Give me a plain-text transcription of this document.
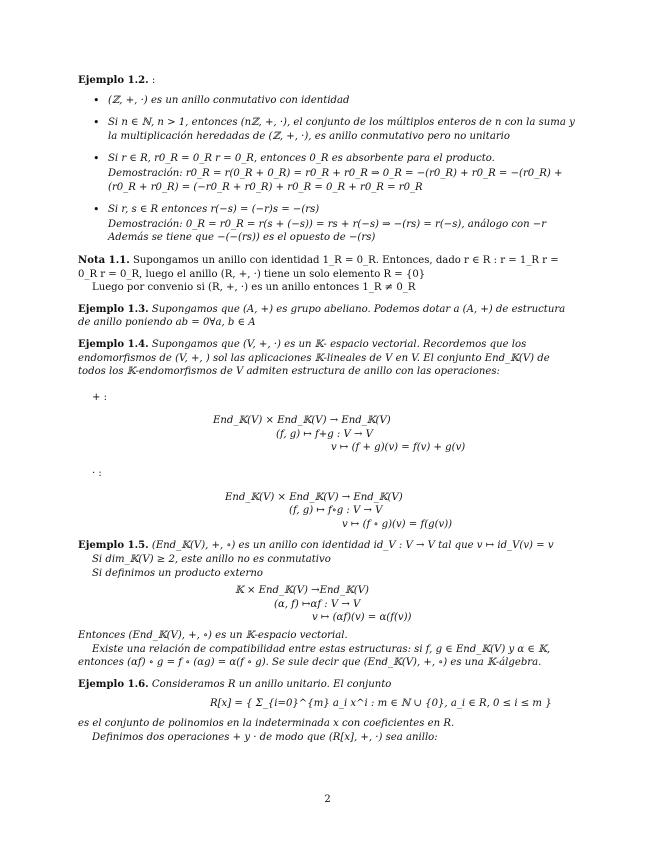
Ejemplo 1.2. :

• (ℤ, +, ·) es un anillo conmutativo con identidad
• Si n ∈ ℕ, n > 1, entonces (nℤ, +, ·), el conjunto de los múltiplos enteros de n con la suma y la multiplicación heredadas de (ℤ, +, ·), es anillo conmutativo pero no unitario
• Si r ∈ R, r0_R = 0_R r = 0_R, entonces 0_R es absorbente para el producto.
Demostración: r0_R = r(0_R + 0_R) = r0_R + r0_R ⇒ 0_R = −(r0_R) + r0_R = −(r0_R) + (r0_R + r0_R) = (−r0_R + r0_R) + r0_R = 0_R + r0_R = r0_R
• Si r, s ∈ R entonces r(−s) = (−r)s = −(rs)
Demostración: 0_R = r0_R = r(s + (−s)) = rs + r(−s) ⇒ −(rs) = r(−s), análogo con −r Además se tiene que −(−(rs)) es el opuesto de −(rs)

Nota 1.1. Supongamos un anillo con identidad 1_R = 0_R. Entonces, dado r ∈ R : r = 1_R r = 0_R r = 0_R, luego el anillo (R, +, ·) tiene un solo elemento R = {0}

Luego por convenio si (R, +, ·) es un anillo entonces 1_R ≠ 0_R

Ejemplo 1.3. Supongamos que (A, +) es grupo abeliano. Podemos dotar a (A, +) de estructura de anillo poniendo ab = 0∀a, b ∈ A

Ejemplo 1.4. Supongamos que (V, +, ·) es un 𝕂- espacio vectorial. Recordemos que los endomorfismos de (V, +, ) sol las aplicaciones 𝕂-lineales de V en V. El conjunto End_𝕂(V) de todos los 𝕂-endomorfismos de V admiten estructura de anillo con las operaciones:

+ :
End_𝕂(V) × End_𝕂(V) → End_𝕂(V)
(f, g) ↦ f+g : V → V
v ↦ (f + g)(v) = f(v) + g(v)
· :
End_𝕂(V) × End_𝕂(V) → End_𝕂(V)
(f, g) ↦ f∘g : V → V
v ↦ (f ∘ g)(v) = f(g(v))

Ejemplo 1.5. (End_𝕂(V), +, ∘) es un anillo con identidad id_V : V → V tal que v ↦ id_V(v) = v

Si dim_𝕂(V) ≥ 2, este anillo no es conmutativo

Si definimos un producto externo

𝕂 × End_𝕂(V) →End_𝕂(V)
(α, f) ↦αf : V → V
v ↦ (αf)(v) = α(f(v))

Entonces (End_𝕂(V), +, ∘) es un 𝕂-espacio vectorial.

Existe una relación de compatibilidad entre estas estructuras: si f, g ∈ End_𝕂(V) y α ∈ 𝕂, entonces (αf) ∘ g = f ∘ (αg) = α(f ∘ g). Se sule decir que (End_𝕂(V), +, ∘) es una 𝕂-álgebra.

Ejemplo 1.6. Consideramos R un anillo unitario. El conjunto

R[x] = { Σ_{i=0}^{m} a_i x^i : m ∈ ℕ ∪ {0}, a_i ∈ R, 0 ≤ i ≤ m }

es el conjunto de polinomios en la indeterminada x con coeficientes en R.

Definimos dos operaciones + y · de modo que (R[x], +, ·) sea anillo:

2
